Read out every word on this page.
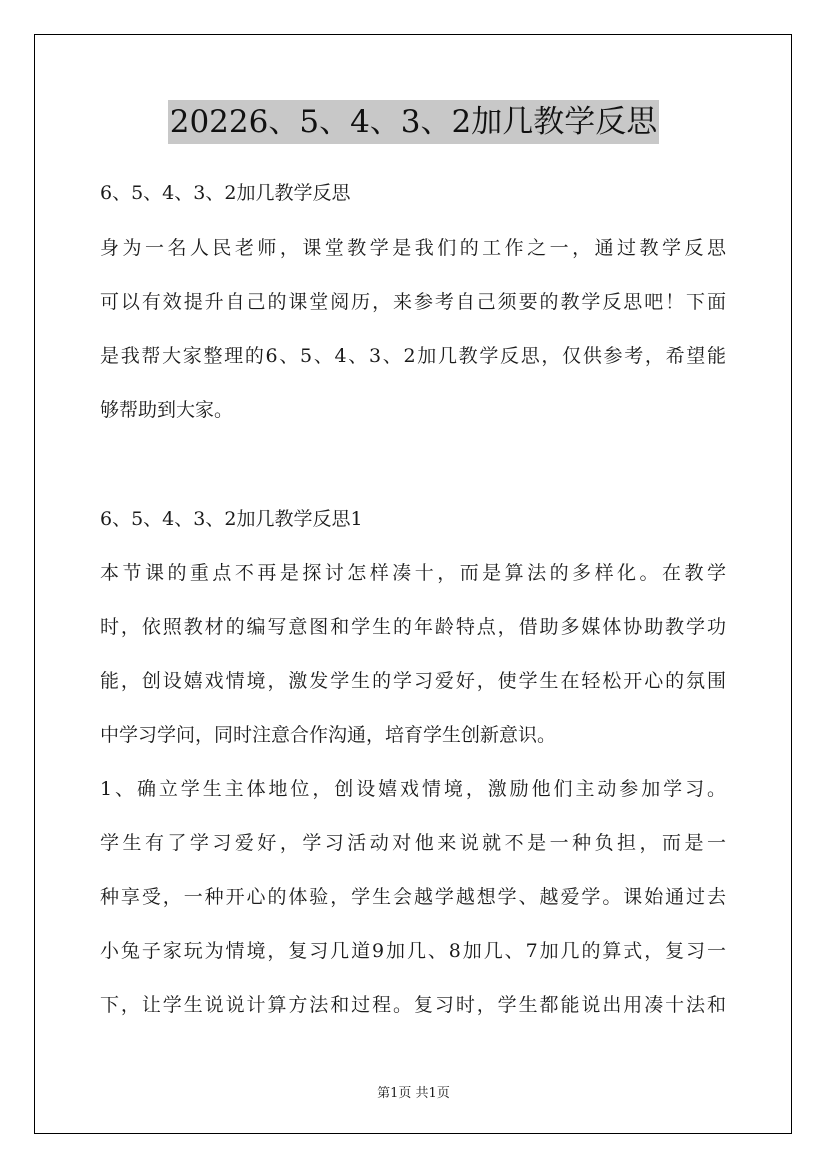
20226、5、4、3、2加几教学反思
6、5、4、3、2加几教学反思
身为一名人民老师，课堂教学是我们的工作之一，通过教学反思
可以有效提升自己的课堂阅历，来参考自己须要的教学反思吧！下面
是我帮大家整理的6、5、4、3、2加几教学反思，仅供参考，希望能
够帮助到大家。
6、5、4、3、2加几教学反思1
本节课的重点不再是探讨怎样凑十，而是算法的多样化。在教学
时，依照教材的编写意图和学生的年龄特点，借助多媒体协助教学功
能，创设嬉戏情境，激发学生的学习爱好，使学生在轻松开心的氛围
中学习学问，同时注意合作沟通，培育学生创新意识。
1、确立学生主体地位，创设嬉戏情境，激励他们主动参加学习。
学生有了学习爱好，学习活动对他来说就不是一种负担，而是一
种享受，一种开心的体验，学生会越学越想学、越爱学。课始通过去
小兔子家玩为情境，复习几道9加几、8加几、7加几的算式，复习一
下，让学生说说计算方法和过程。复习时，学生都能说出用凑十法和
第1页 共1页
